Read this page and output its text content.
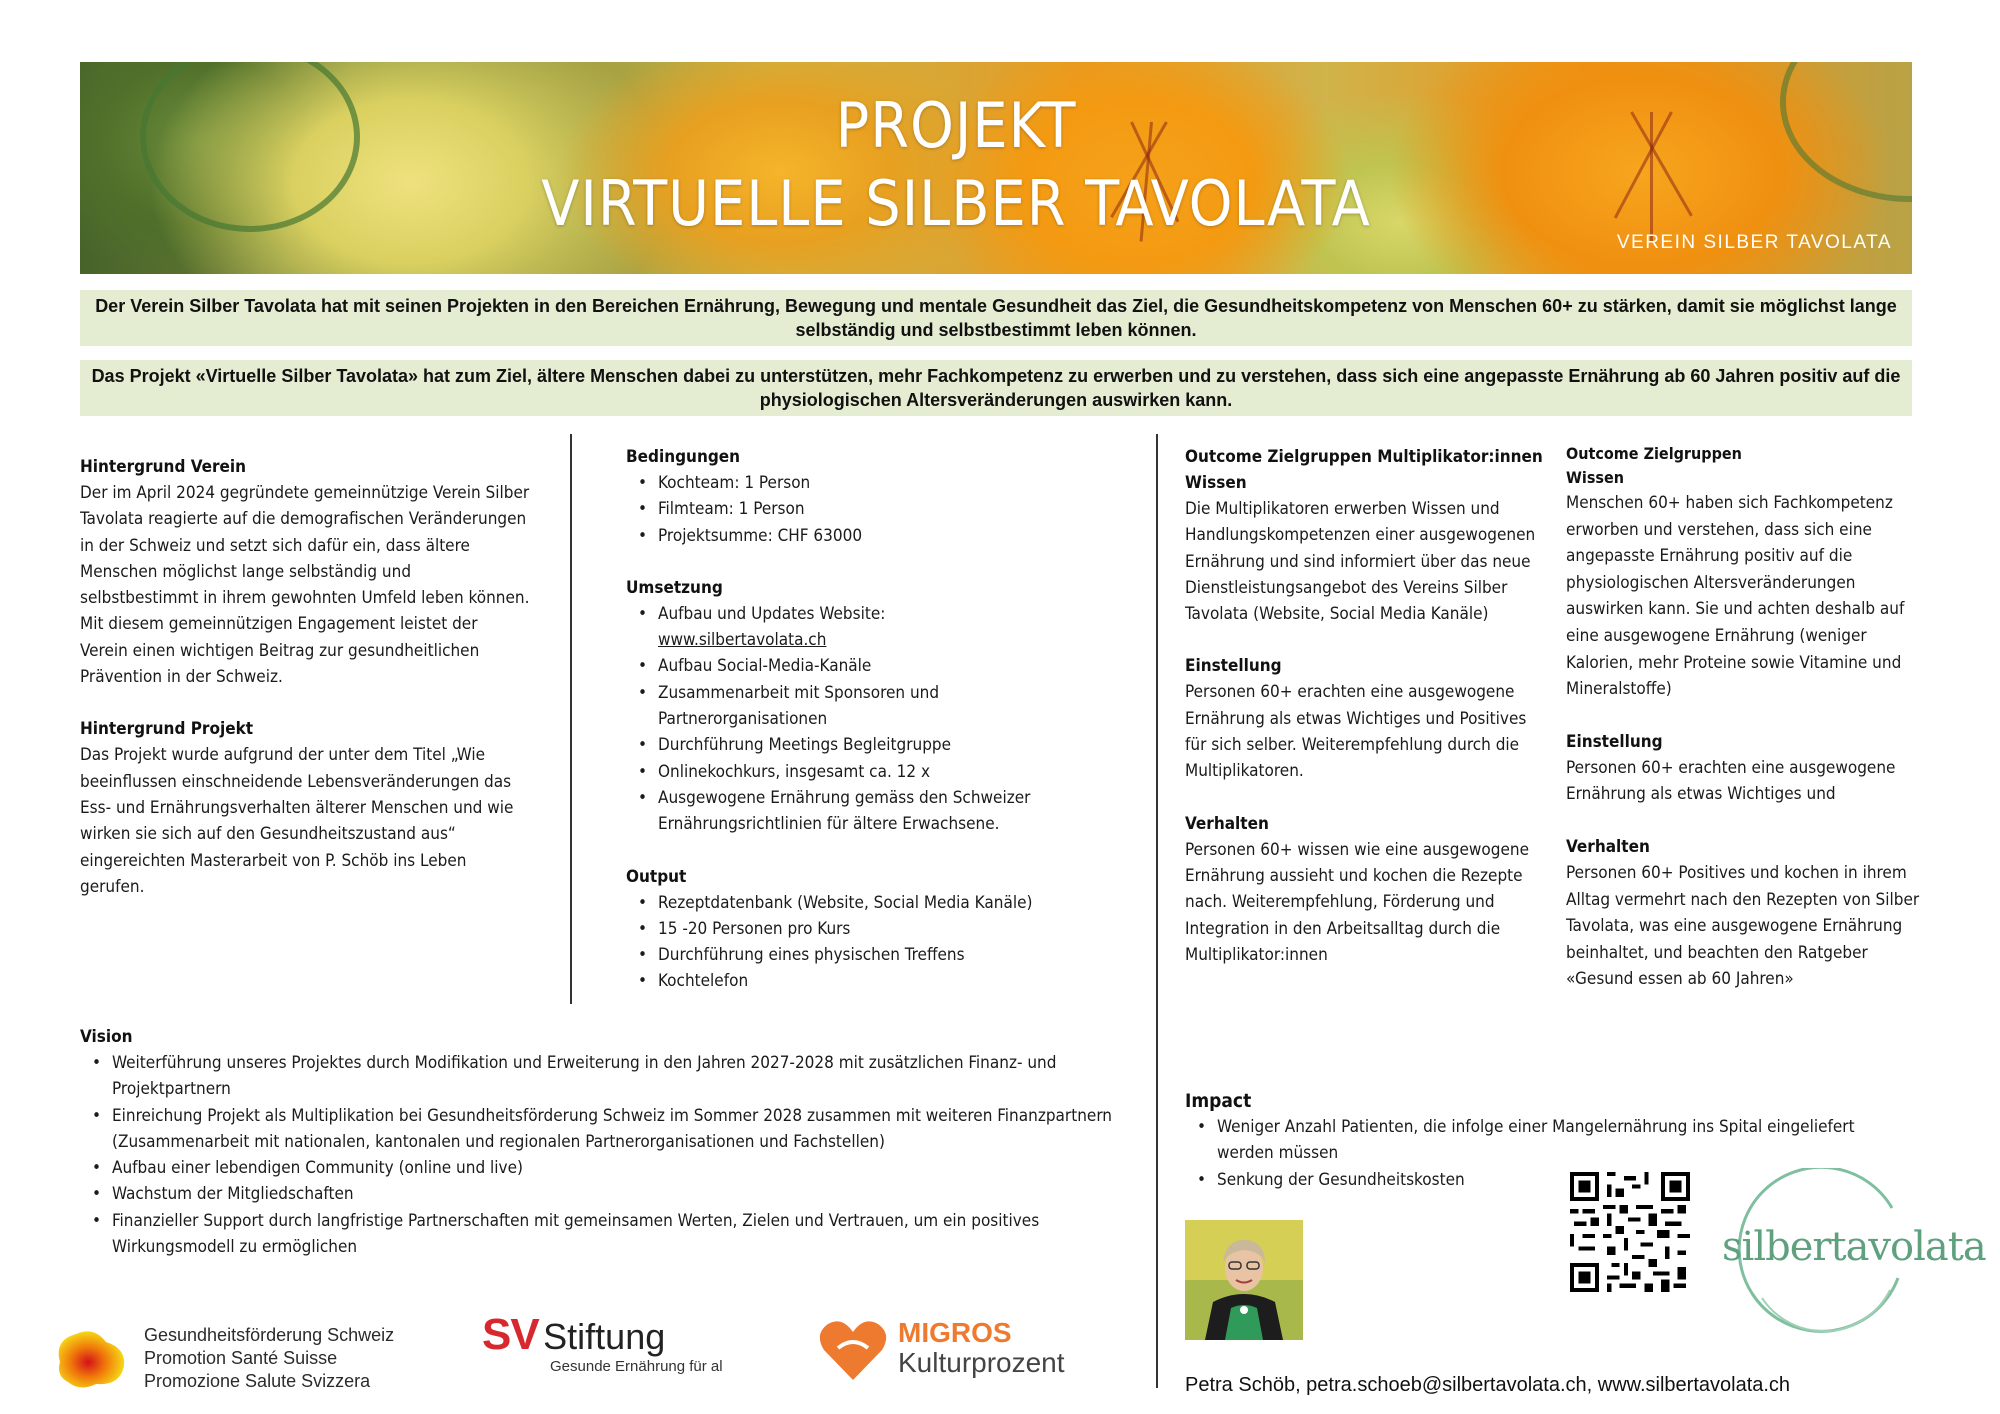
PROJEKT
VIRTUELLE SILBER TAVOLATA
VEREIN SILBER TAVOLATA
Der Verein Silber Tavolata hat mit seinen Projekten in den Bereichen Ernährung, Bewegung und mentale Gesundheit das Ziel, die Gesundheitskompetenz von Menschen 60+ zu stärken, damit sie möglichst lange selbständig und selbstbestimmt leben können.
Das Projekt «Virtuelle Silber Tavolata» hat zum Ziel, ältere Menschen dabei zu unterstützen, mehr Fachkompetenz zu erwerben und zu verstehen, dass sich eine angepasste Ernährung ab 60 Jahren positiv auf die physiologischen Altersveränderungen auswirken kann.
Hintergrund Verein

Der im April 2024 gegründete gemeinnützige Verein Silber Tavolata reagierte auf die demografischen Veränderungen in der Schweiz und setzt sich dafür ein, dass ältere Menschen möglichst lange selbständig und selbstbestimmt in ihrem gewohnten Umfeld leben können. Mit diesem gemeinnützigen Engagement leistet der Verein einen wichtigen Beitrag zur gesundheitlichen Prävention in der Schweiz.

Hintergrund Projekt

Das Projekt wurde aufgrund der unter dem Titel „Wie beeinflussen einschneidende Lebensveränderungen das Ess- und Ernährungsverhalten älterer Menschen und wie wirken sie sich auf den Gesundheitszustand aus“ eingereichten Masterarbeit von P. Schöb ins Leben gerufen.

Bedingungen
• Kochteam: 1 Person
• Filmteam: 1 Person
• Projektsumme: CHF 63000
Umsetzung
• Aufbau und Updates Website:
www.silbertavolata.ch
• Aufbau Social-Media-Kanäle
• Zusammenarbeit mit Sponsoren und Partnerorganisationen
• Durchführung Meetings Begleitgruppe
• Onlinekochkurs, insgesamt ca. 12 x
• Ausgewogene Ernährung gemäss den Schweizer Ernährungsrichtlinien für ältere Erwachsene.
Output
• Rezeptdatenbank (Website, Social Media Kanäle)
• 15 -20 Personen pro Kurs
• Durchführung eines physischen Treffens
• Kochtelefon
Vision
• Weiterführung unseres Projektes durch Modifikation und Erweiterung in den Jahren 2027-2028 mit zusätzlichen Finanz- und Projektpartnern
• Einreichung Projekt als Multiplikation bei Gesundheitsförderung Schweiz im Sommer 2028 zusammen mit weiteren Finanzpartnern (Zusammenarbeit mit nationalen, kantonalen und regionalen Partnerorganisationen und Fachstellen)
• Aufbau einer lebendigen Community (online und live)
• Wachstum der Mitgliedschaften
• Finanzieller Support durch langfristige Partnerschaften mit gemeinsamen Werten, Zielen und Vertrauen, um ein positives Wirkungsmodell zu ermöglichen
Outcome Zielgruppen Multiplikator:innen
Wissen

Die Multiplikatoren erwerben Wissen und Handlungskompetenzen einer ausgewogenen Ernährung und sind informiert über das neue Dienstleistungsangebot des Vereins Silber Tavolata (Website, Social Media Kanäle)

Einstellung

Personen 60+ erachten eine ausgewogene Ernährung als etwas Wichtiges und Positives für sich selber. Weiterempfehlung durch die Multiplikatoren.

Verhalten

Personen 60+ wissen wie eine ausgewogene Ernährung aussieht und kochen die Rezepte nach. Weiterempfehlung, Förderung und Integration in den Arbeitsalltag durch die Multiplikator:innen

Outcome Zielgruppen
Wissen

Menschen 60+ haben sich Fachkompetenz erworben und verstehen, dass sich eine angepasste Ernährung positiv auf die physiologischen Altersveränderungen auswirken kann. Sie und achten deshalb auf eine ausgewogene Ernährung (weniger Kalorien, mehr Proteine sowie Vitamine und Mineralstoffe)

Einstellung

Personen 60+ erachten eine ausgewogene Ernährung als etwas Wichtiges und

Verhalten

Personen 60+ Positives und kochen in ihrem Alltag vermehrt nach den Rezepten von Silber Tavolata, was eine ausgewogene Ernährung beinhaltet, und beachten den Ratgeber «Gesund essen ab 60 Jahren»

Impact
• Weniger Anzahl Patienten, die infolge einer Mangelernährung ins Spital eingeliefert werden müssen
• Senkung der Gesundheitskosten
silbertavolata
Petra Schöb, petra.schoeb@silbertavolata.ch, www.silbertavolata.ch
Gesundheitsförderung Schweiz
Promotion Santé Suisse
Promozione Salute Svizzera
SV Stiftung
Gesunde Ernährung für al
MIGROS
Kulturprozent
